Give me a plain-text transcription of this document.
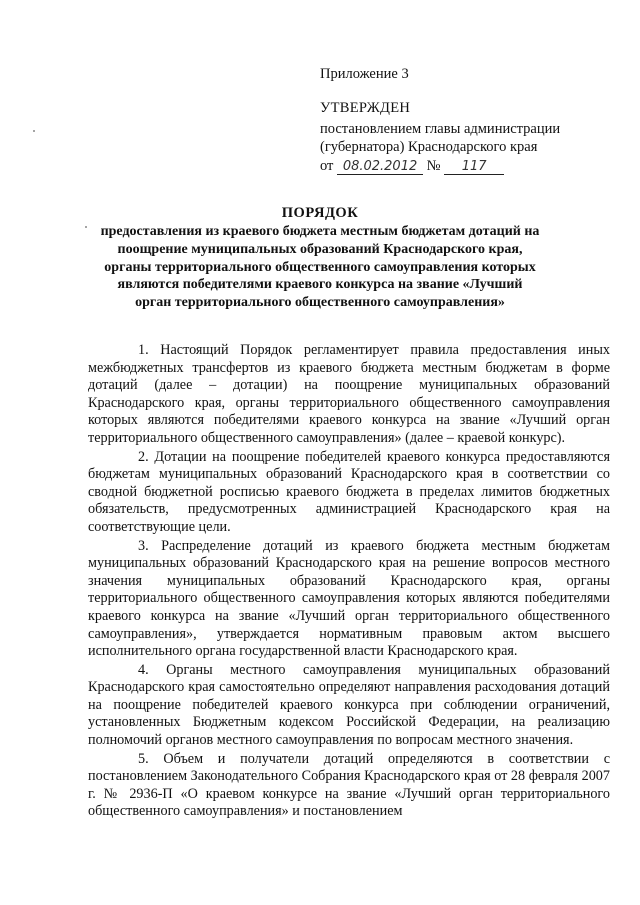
Приложение 3
УТВЕРЖДЕН
постановлением главы администрации
(губернатора) Краснодарского края
от 08.02.2012 № 117
ПОРЯДОК
предоставления из краевого бюджета местным бюджетам дотаций на поощрение муниципальных образований Краснодарского края, органы территориального общественного самоуправления которых являются победителями краевого конкурса на звание «Лучший орган территориального общественного самоуправления»

1. Настоящий Порядок регламентирует правила предоставления иных межбюджетных трансфертов из краевого бюджета местным бюджетам в форме дотаций (далее – дотации) на поощрение муниципальных образований Краснодарского края, органы территориального общественного самоуправления которых являются победителями краевого конкурса на звание «Лучший орган территориального общественного самоуправления» (далее – краевой конкурс).

2. Дотации на поощрение победителей краевого конкурса предоставляются бюджетам муниципальных образований Краснодарского края в соответствии со сводной бюджетной росписью краевого бюджета в пределах лимитов бюджетных обязательств, предусмотренных администрацией Краснодарского края на соответствующие цели.

3. Распределение дотаций из краевого бюджета местным бюджетам муниципальных образований Краснодарского края на решение вопросов местного значения муниципальных образований Краснодарского края, органы территориального общественного самоуправления которых являются победителями краевого конкурса на звание «Лучший орган территориального общественного самоуправления», утверждается нормативным правовым актом высшего исполнительного органа государственной власти Краснодарского края.

4. Органы местного самоуправления муниципальных образований Краснодарского края самостоятельно определяют направления расходования дотаций на поощрение победителей краевого конкурса при соблюдении ограничений, установленных Бюджетным кодексом Российской Федерации, на реализацию полномочий органов местного самоуправления по вопросам местного значения.

5. Объем и получатели дотаций определяются в соответствии с постановлением Законодательного Собрания Краснодарского края от 28 февраля 2007 г. № 2936-П «О краевом конкурсе на звание «Лучший орган территориального общественного самоуправления» и постановлением
